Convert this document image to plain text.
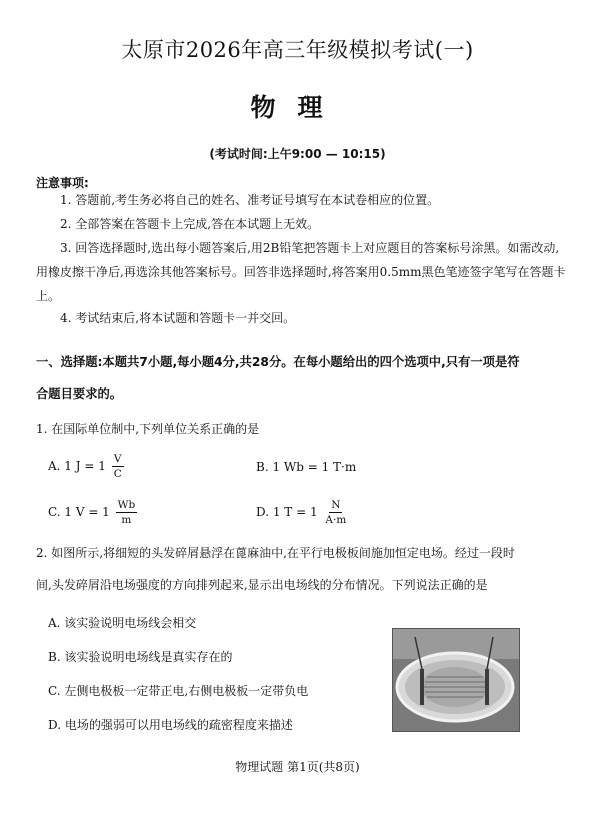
太原市2026年高三年级模拟考试(一)
物理
(考试时间:上午9:00 — 10:15)
注意事项:
1. 答题前,考生务必将自己的姓名、准考证号填写在本试卷相应的位置。
2. 全部答案在答题卡上完成,答在本试题上无效。
3. 回答选择题时,选出每小题答案后,用2B铅笔把答题卡上对应题目的答案标号涂黑。如需改动,用橡皮擦干净后,再选涂其他答案标号。回答非选择题时,将答案用0.5mm黑色笔迹签字笔写在答题卡上。
4. 考试结束后,将本试题和答题卡一并交回。
一、选择题:本题共7小题,每小题4分,共28分。在每小题给出的四个选项中,只有一项是符
合题目要求的。
1. 在国际单位制中,下列单位关系正确的是
A. 1 $J = 1 \frac{V}{C}$	B. 1 Wb = 1 T·m
C. 1 $V = 1 \frac{Wb}{m}$	D. 1 $T = 1 \frac{N}{A\cdot m}$
2. 如图所示,将细短的头发碎屑悬浮在蓖麻油中,在平行电极板间施加恒定电场。经过一段时
间,头发碎屑沿电场强度的方向排列起来,显示出电场线的分布情况。下列说法正确的是
A. 该实验说明电场线会相交
B. 该实验说明电场线是真实存在的
C. 左侧电极板一定带正电,右侧电极板一定带负电
D. 电场的强弱可以用电场线的疏密程度来描述
物理试题 第1页(共8页)
